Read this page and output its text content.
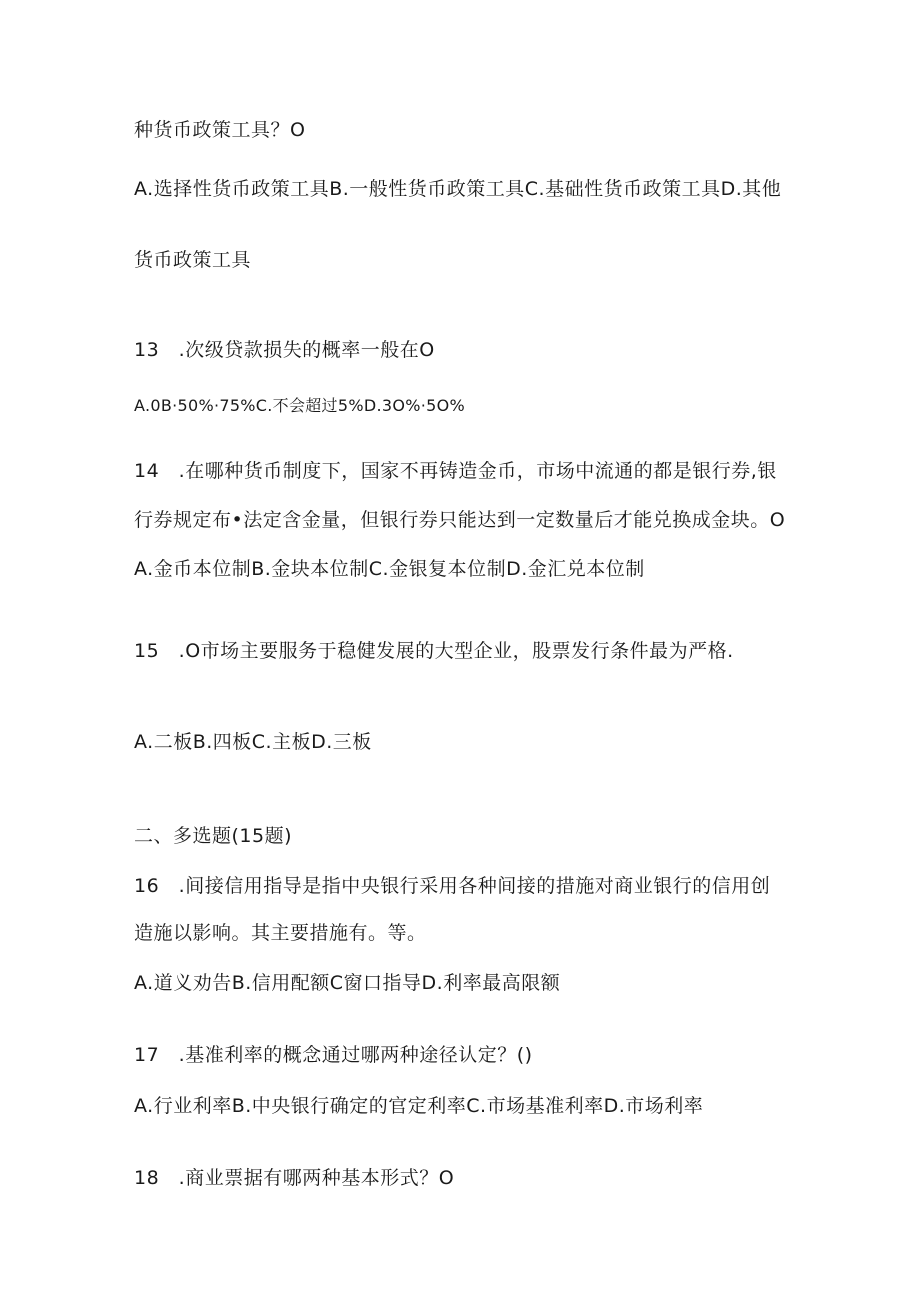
种货币政策工具？O
A.选择性货币政策工具B.一般性货币政策工具C.基础性货币政策工具D.其他
货币政策工具
13　.次级贷款损失的概率一般在O
A.0B·50%·75%C.不会超过5%D.3O%·5O%
14　.在哪种货币制度下，国家不再铸造金币，市场中流通的都是银行券,银
行券规定布•法定含金量，但银行券只能达到一定数量后才能兑换成金块。O
A.金币本位制B.金块本位制C.金银复本位制D.金汇兑本位制
15　.O市场主要服务于稳健发展的大型企业，股票发行条件最为严格.
A.二板B.四板C.主板D.三板
二、多选题(15题)
16　.间接信用指导是指中央银行采用各种间接的措施对商业银行的信用创
造施以影响。其主要措施有。等。
A.道义劝告B.信用配额C窗口指导D.利率最高限额
17　.基准利率的概念通过哪两种途径认定？()
A.行业利率B.中央银行确定的官定利率C.市场基准利率D.市场利率
18　.商业票据有哪两种基本形式？O
